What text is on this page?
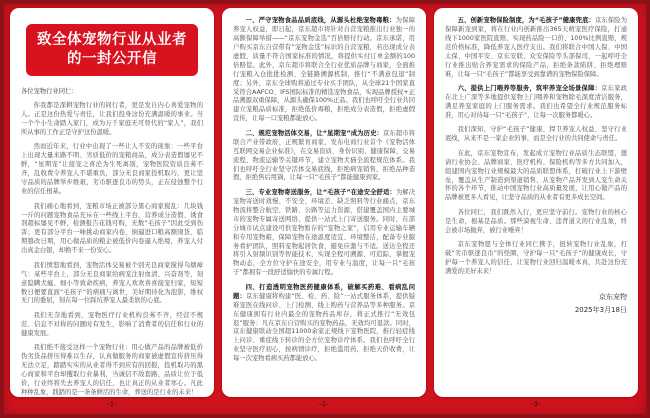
致全体宠物行业从业者
的一封公开信

各位宠物行业同仁：

你我都是深耕宠物行业的同行者，更是发自内心喜爱宠物的人。正是这份热爱与责任，让我们投身这份充满温暖的事业。当一个个小生命踏入家门，成为万千家庭无可替代的“家人”，我们所从事的工作正是守护这份温暖。

然而近年来，行业中出现了一些让人不安的现象：一些平台上出现大量来路不明、劣质低价的宠粮商品，成分表造假屡见不鲜，“星期宠”让接宠之喜沦为生死离别，宠物医院资质良莠不齐，乱收费令养宠人不堪重负，部分无良商家投机取巧，更让坚守品质的品牌举步维艰，劣币驱逐良币的势头，正在侵蚀整个行业的信任根基。

我们痛心地看到，宠粮市场正被部分黑心商家搅乱：几块钱一斤的问题宠物食品充斥在一些线上平台，营养成分造假、诱食剂超标屡见不鲜，检测报告花钱可购，无数“毛孩子”因此受到伤害；更有部分平台一味挑动商家内卷，倒逼进口粮高额囤货、临期篡改日期，用心做品质的粮企被低价内卷逼入绝境，养宠人付出真金白银，却换不来一份安心。

我们愤怒地看到，宠物活体交易被个别无良商家搅得乌烟瘴气：某些平台上，部分无良商家给病宠注射血清、兴奋剂等，刻意隐瞒犬瘟、细小等致命疾病，养宠人欢欢喜喜接宠归家，短短数日便要直面“毛孩子”的病痛与离世，美好期待化为泡影，维权无门的委屈，刻在每一位踩坑养宠人最柔软的心底。

我们无奈地看到，宠物医疗行业机构良莠不齐，经营不规范、信息不对称的问题时有发生，影响了消费者的信任和行业的健康发展。

我们绝不接受这样一个宠物行业：用心做产品的品牌被低价伪劣货品挤压得难以生存，认真做服务的商家被虚假宣传挤压得无法立足，踏踏实实的从业者得不到应有的回报，投机取巧的黑心商家和平台却攫取行业暴利，当诚信不敌套路、品质让位于低价，行业终将失去养宠人的信任，也让真正的从业者寒心。凡此种种乱象，践踏的是一条条鲜活的生命，葬送的是行业的未来！

一、严守宠物食品品质底线，从源头杜绝宠物毒粮：为保障养宠人权益，即日起，京东超市将针对自营宠粮推出行业独一的高额保障举措——“京东宠物金选”百倍赔付行动。京东承诺，用户购买京东自营带有“宠物金选”标识的自营宠粮，若出现成分表虚假、质量不符合国家标准的情况，将提供实付订单金额的100倍赔偿。此外，京东超市将联合全行业优质品牌与商家，全面推行宠粮入仓批批检测、全链路溯源机制，推行“不满意包退”制度；另外，京东全球购将通过专业买手团队，从全球21个国家直采符合AAFCO、IFS国际标准的精选宠物食品，实现品牌授权+正品溯源双重保障，从源头确保100%正品。我们也呼吁全行业共同建立宠粮品质标准，拒绝低价毒粮，拒绝成分表造假，拒绝虚假宣传，让每一口宠粮都能放心。

二、规范宠物活体交易，让“星期宠”成为历史：京东超市将联合产业带政府、正规繁育商家，发布电商行业首个《宠物活体互联网交易企业标准》，在交易资质、身份识别、健康保障、交易流程、物流运输等关键环节，建立宠物犬猫全流程规范体系。我们也呼吁全行业坚守活体交易底线，拒绝病宠销售，拒绝品种造假，拒绝售后甩锅，让每一只“毛孩子”都能健康到家。

三、专业宠物寄送服务，让“毛孩子”在途安全舒适：为解决宠物寄送时效慢、不安全、环境差、缺乏照料等行业痛点，京东物流将整合航空、铁路、公路等运力资源，搭建覆盖国内主要城市的宠物专属寄送网络，提供一站式上门寄送服务。同时，在部分城市试点建设可供宠物暂存的“宠物之家”，启用专业运输车辆和专用宠物箱，保障宠物在途温度适宜、环境整洁，配备专业服务看护团队，照料宠物起居饮食，避免应激与不适。送达全程还将引入射频识别等智能技术，实现全程可溯源、可追踪，掌握宠物动态，全方位守护在途安全，用专业与温度，让每一只“毛孩子”都拥有一段舒适愉快的专属行程。

四、打造透明宠物医药健康体系，破解买药难、看病乱问题：京东健康将构建“医、检、药、险”一站式服务体系，提供疑难宠医在线问诊、上门检测、线上购药与营养品等多种服务。京东健康拥有行业内最全的宠物药品库存，将正式推行“无效包退”服务：凡在京东自营购买的宠物药品，无效均可退款。同时，京东健康联动全国超11000余家正规线下宠物医院，推行轻症线上问诊、重症线下转诊的全方位宠物诊疗体系。我们也呼吁全行业坚守医疗初心，按病情诊疗，拒绝滥用药，拒绝天价收费，让每一次宠物看病买药都能放心。

五、创新宠物保险制度，为“毛孩子”健康兜底：京东保险为保障新宠到家，将在行业内创新推出365天萌宠医疗保险，打通线下1000家医院直赔，实现药品险一口价、100%比例直赔，规范价格标准，降低养宠人医疗支出。我们将联合中国人保、中国太保、中国平安、京东安联、众安保险等头部保司，一起呼吁全行业推出贴合养宠需求的保险产品，拒绝条款陷阱、拒绝理赔难，让每一只“毛孩子”都能享受到靠谱的宠物保险保障。

六、提供上门喂养等服务，筑牢养宠全场景保障：京东家政在北上广深等多地提供宠物上门喂养和宠物除毛深度清洁服务，满足养宠家庭的上门服务需求。我们也希望全行业规范服务标准，用心对待每一只“毛孩子”，让每一次服务都暖心。

我们深知，守护“毛孩子”健康、捍卫养宠人权益、坚守行业底线，从来不是一家企业的事，而是全行业的共同使命与责任。

在此，京东宠物宣布，发起成立宠物行业品质生态联盟，邀请行业协会、品牌商家、医疗机构、保险机构等多方共同加入，组建国内宠物行业规模最大的品质联盟体系，打破行业上下游壁垒，覆盖从生产制造到渠道销售、从宠物产品开发到人宠生命关怀的各个环节，推动中国宠物行业高质量发展，让用心做产品的品牌被更多人看见，让坚守品质的从业者有更多成长空间。

各位同仁，我们既然入行，更应坚守前行。宠物行业的核心是生命，根基是品质。那些漠视生命、违背道义的行业乱象，终会被市场抛弃，被行业唾弃！

京东宠物愿与全体行业同仁携手，扭转宠物行业乱象，打破“劣币驱逐良币”的怪圈，守护每一只“毛孩子”的健康成长，守护每一个养宠人的信任，让宠物行业回归温暖本真，共赴这份充满爱的美好未来！

京东宠物
2025年3月18日
-1-	-2-	-3-
